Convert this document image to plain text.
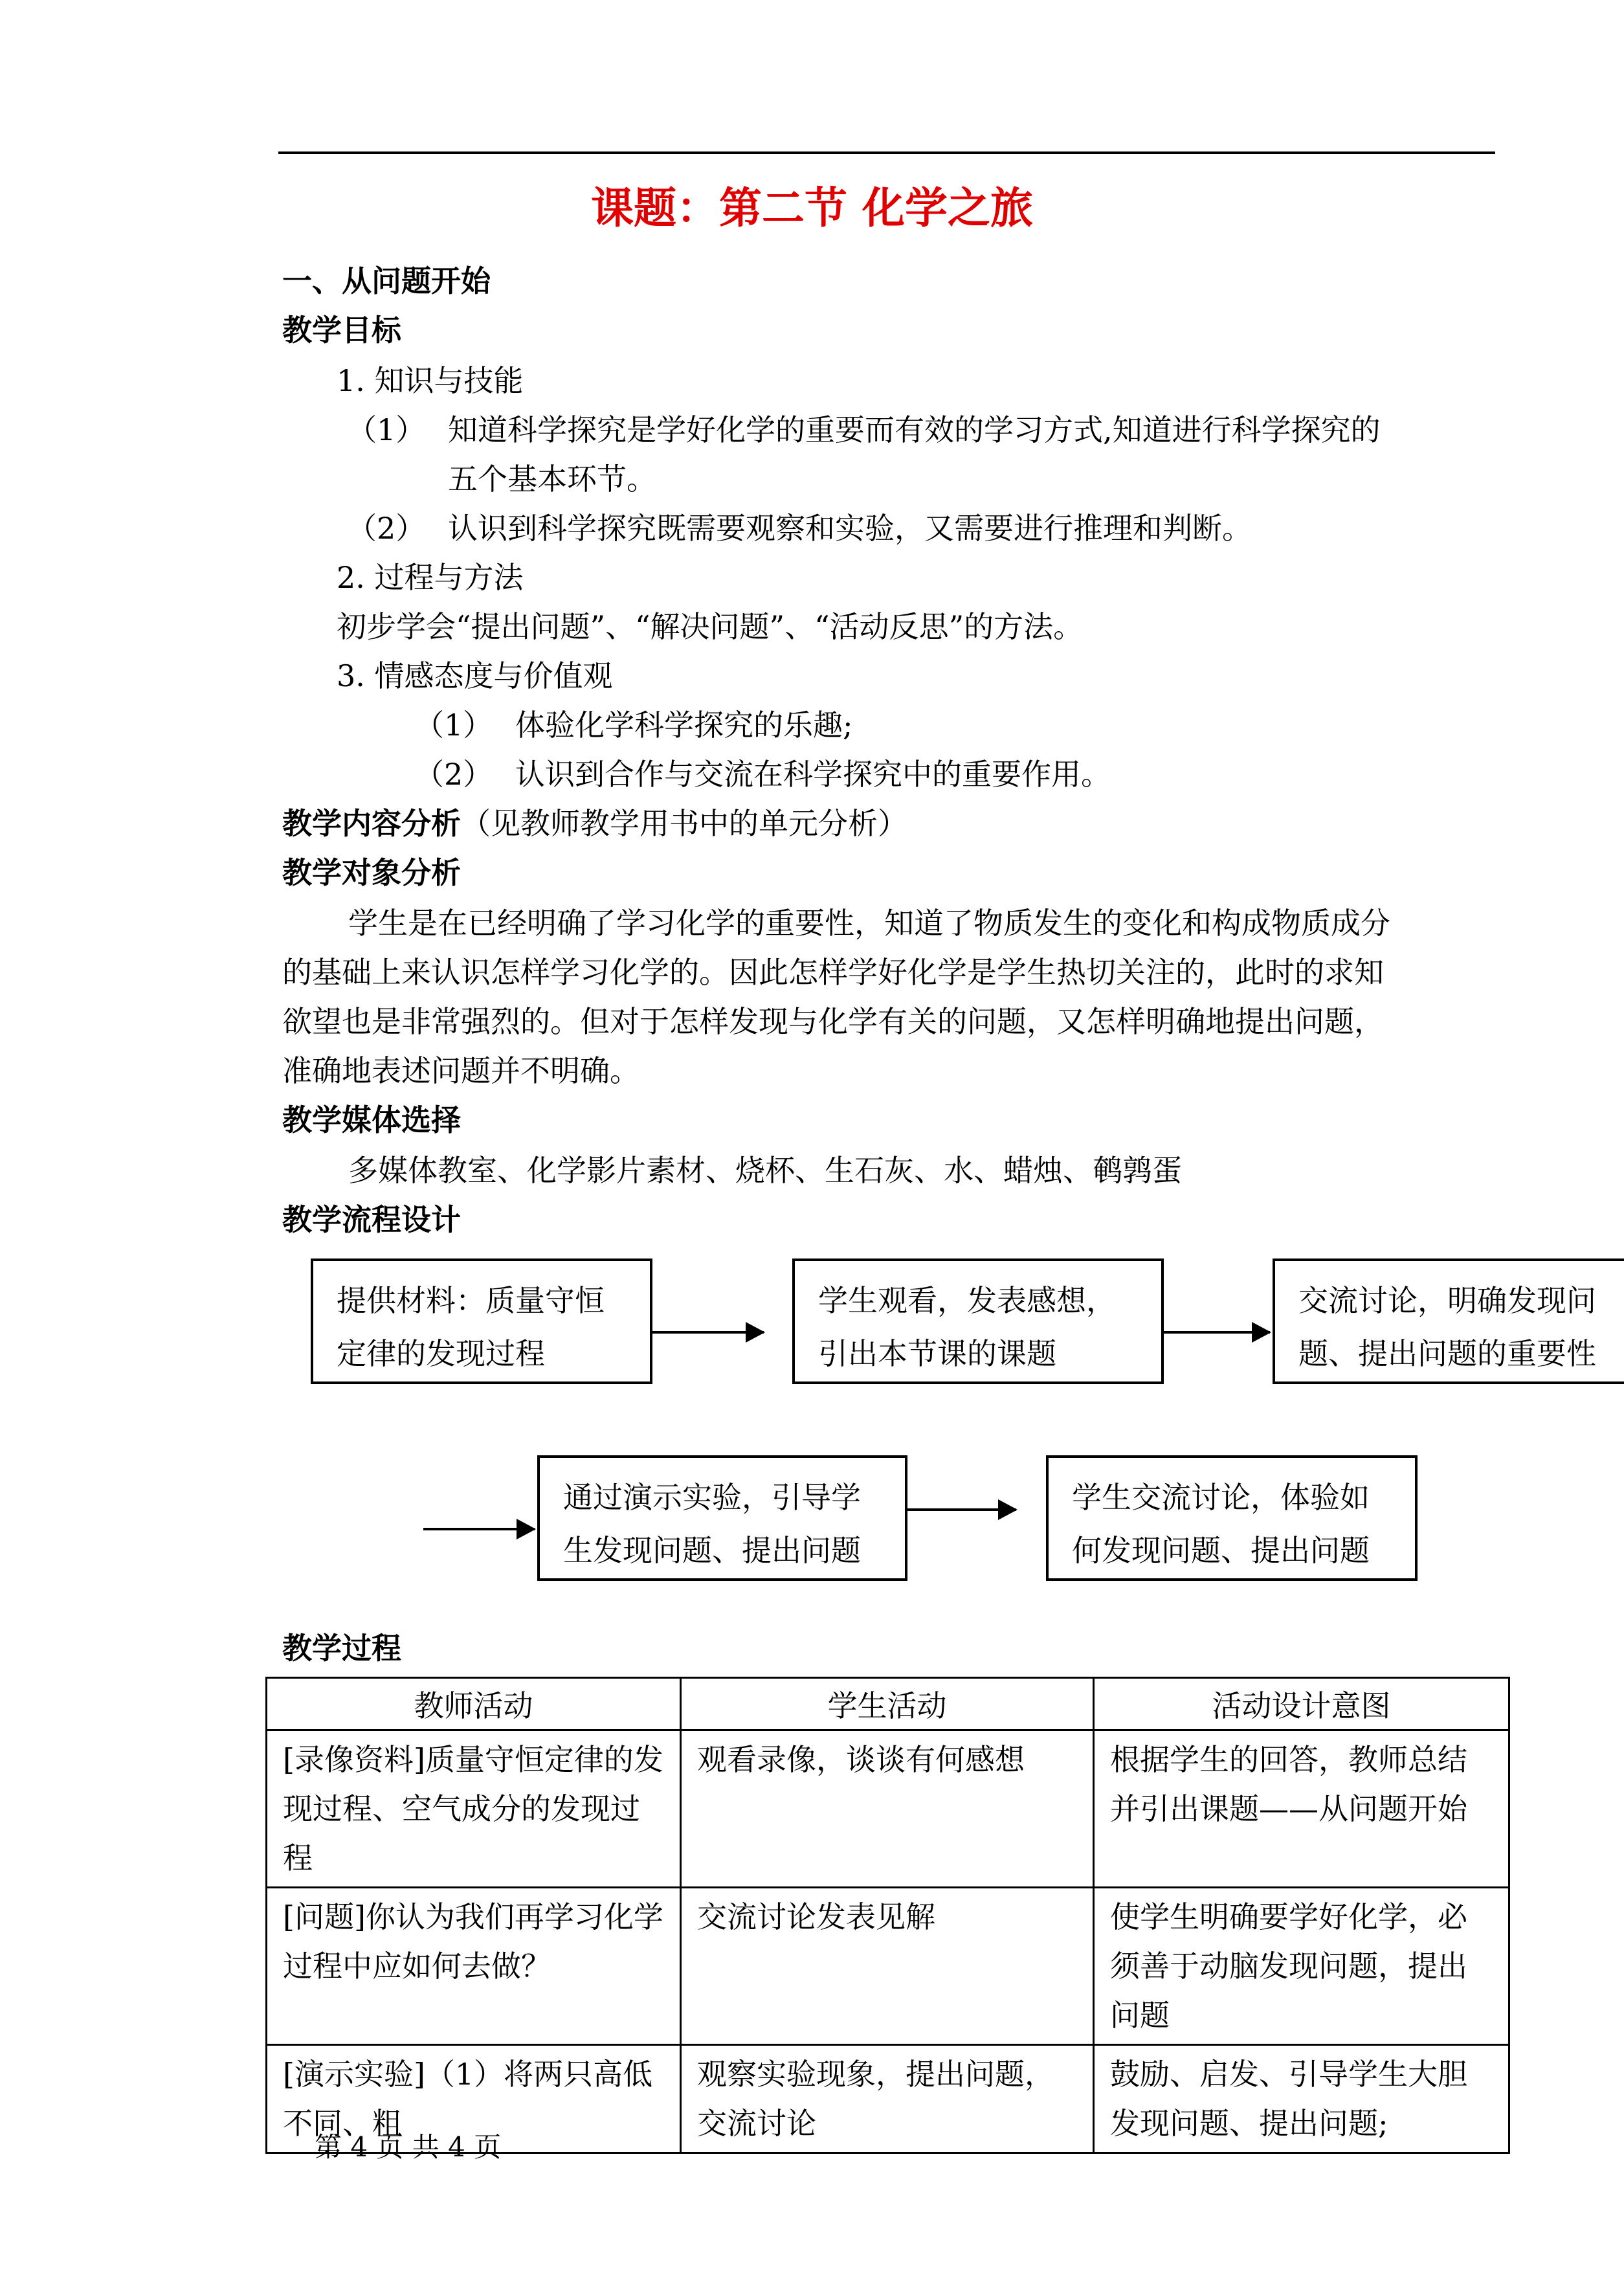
课题：第二节 化学之旅
一、从问题开始
教学目标
1. 知识与技能
（1） 知道科学探究是学好化学的重要而有效的学习方式,知道进行科学探究的
五个基本环节。
（2） 认识到科学探究既需要观察和实验，又需要进行推理和判断。
2. 过程与方法
初步学会“提出问题”、“解决问题”、“活动反思”的方法。
3. 情感态度与价值观
（1） 体验化学科学探究的乐趣;
（2） 认识到合作与交流在科学探究中的重要作用。
教学内容分析（见教师教学用书中的单元分析）
教学对象分析
学生是在已经明确了学习化学的重要性，知道了物质发生的变化和构成物质成分
的基础上来认识怎样学习化学的。因此怎样学好化学是学生热切关注的，此时的求知
欲望也是非常强烈的。但对于怎样发现与化学有关的问题，又怎样明确地提出问题，
准确地表述问题并不明确。
教学媒体选择
多媒体教室、化学影片素材、烧杯、生石灰、水、蜡烛、鹌鹑蛋
教学流程设计
提供材料：质量守恒
定律的发现过程
学生观看，发表感想，
引出本节课的课题
交流讨论，明确发现问
题、提出问题的重要性
通过演示实验，引导学
生发现问题、提出问题
学生交流讨论，体验如
何发现问题、提出问题
教学过程
教师活动	学生活动	活动设计意图
[录像资料]质量守恒定律的发现过程、空气成分的发现过程	观看录像，谈谈有何感想	根据学生的回答，教师总结并引出课题——从问题开始
[问题]你认为我们再学习化学过程中应如何去做？	交流讨论发表见解	使学生明确要学好化学，必须善于动脑发现问题，提出问题
[演示实验]（1）将两只高低不同、粗	观察实验现象，提出问题，交流讨论	鼓励、启发、引导学生大胆发现问题、提出问题;
第 4 页 共 4 页
